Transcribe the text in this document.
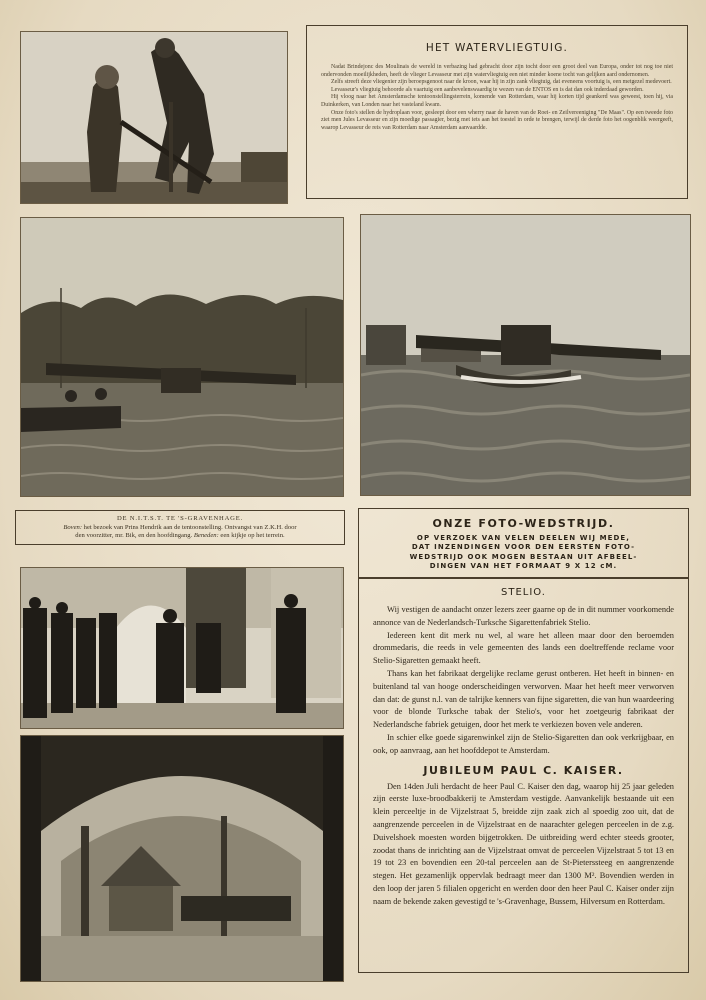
HET WATERVLIEGTUIG.

Nadat Brindejonc des Moulinais de wereld in verbazing had gebracht door zijn tocht door een groot deel van Europa, onder tot nog toe niet ondervonden moeilijkheden, heeft de vlieger Levasseur met zijn watervliegtuig een niet minder koene tocht van gelijken aard ondernomen.

Zelfs streeft deze vliegenier zijn beroepsgenoot naar de kroon, waar hij in zijn zank vliegtuig, dat eveneens voortuig is, een metgezel medevoert.

Levasseur's vliegtuig behoorde als vaartuig een aanbevelenswaardig te wezen van de ENTOS en is dat dan ook inderdaad geworden.

Hij vloog naar het Amsterdamsche tentoonstellingsterrein, komende van Rotterdam, waar hij korten tijd geankerd was geweest, toen hij, via Duinkerken, van Londen naar het vasteland kwam.

Onze foto's stellen de hydroplaan voor, gesleept door een wherry naar de haven van de Roei- en Zeilvereeniging "De Maas". Op een tweede foto ziet men Jules Levasseur en zijn moedige passagier, bezig met iets aan het toestel in orde te brengen, terwijl de derde foto het oogenblik weergeeft, waarop Levasseur de reis van Rotterdam naar Amsterdam aanvaardde.

DE N.I.T.S.T. TE 'S-GRAVENHAGE.
Boven: het bezoek van Prins Hendrik aan de tentoonstelling. Ontvangst van Z.K.H. door
den voorzitter, mr. Bik, en den hoofdingang. Beneden: een kijkje op het terrein.
ONZE FOTO-WEDSTRIJD.
OP VERZOEK VAN VELEN DEELEN WIJ MEDE,
DAT INZENDINGEN VOOR DEN EERSTEN FOTO-
WEDSTRIJD OOK MOGEN BESTAAN UIT AFBEEL-
DINGEN VAN HET FORMAAT 9 X 12 cM.
STELIO.

Wij vestigen de aandacht onzer lezers zeer gaarne op de in dit nummer voorkomende annonce van de Nederlandsch-Turksche Sigarettenfabriek Stelio.

Iedereen kent dit merk nu wel, al ware het alleen maar door den beroemden drommedaris, die reeds in vele gemeenten des lands een doeltreffende reclame voor Stelio-Sigaretten gemaakt heeft.

Thans kan het fabrikaat dergelijke reclame gerust ontberen. Het heeft in binnen- en buitenland tal van hooge onderscheidingen verworven. Maar het heeft meer verworven dan dat: de gunst n.l. van de talrijke kenners van fijne sigaretten, die van hun waardeering voor de blonde Turksche tabak der Stelio's, voor het zoetgeurig fabrikaat der Nederlandsche fabriek getuigen, door het merk te verkiezen boven vele anderen.

In schier elke goede sigarenwinkel zijn de Stelio-Sigaretten dan ook verkrijgbaar, en ook, op aanvraag, aan het hoofddepot te Amsterdam.

JUBILEUM PAUL C. KAISER.

Den 14den Juli herdacht de heer Paul C. Kaiser den dag, waarop hij 25 jaar geleden zijn eerste luxe-broodbakkerij te Amsterdam vestigde. Aanvankelijk bestaande uit een klein perceeltje in de Vijzelstraat 5, breidde zijn zaak zich al spoedig zoo uit, dat de aangrenzende perceelen in de Vijzelstraat en de naarachter gelegen perceelen in de z.g. Duivelshoek moesten worden bijgetrokken. De uitbreiding werd echter steeds grooter, zoodat thans de inrichting aan de Vijzelstraat omvat de perceelen Vijzelstraat 5 tot 13 en 19 tot 23 en bovendien een 20-tal perceelen aan de St-Pieterssteeg en aangrenzende stegen. Het gezamenlijk oppervlak bedraagt meer dan 1300 M². Bovendien werden in den loop der jaren 5 filialen opgericht en werden door den heer Paul C. Kaiser onder zijn naam de bekende zaken gevestigd te 's-Gravenhage, Bussem, Hilversum en Rotterdam.
